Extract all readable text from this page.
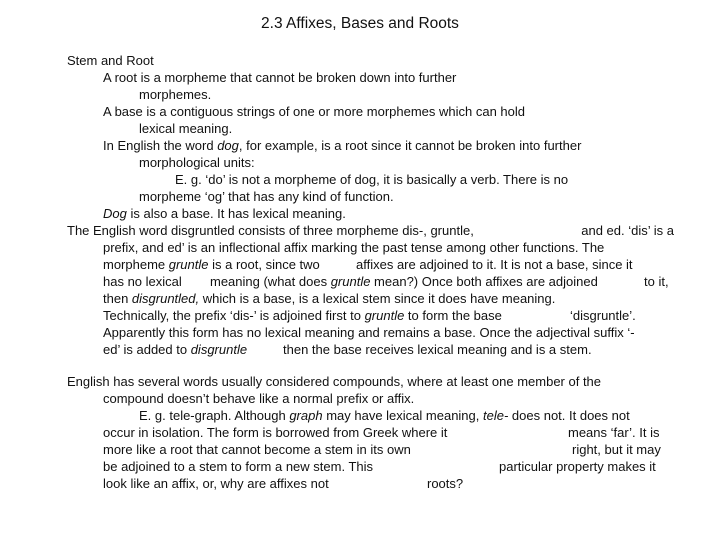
2.3 Affixes, Bases and Roots
Stem and Root
A root is a morpheme that cannot be broken down into further
morphemes.
A base is a contiguous strings of one or more morphemes which can hold
lexical meaning.
In English the word dog, for example, is a root since it cannot be broken into further
morphological units:
E. g. ‘do’ is not a morpheme of dog, it is basically a verb. There is no
morpheme ‘og’ that has any kind of function.
Dog is also a base. It has lexical meaning.
The English word disgruntled consists of three morpheme dis-, gruntle,	and ed. ‘dis’ is a
prefix, and ed’ is an inflectional affix marking the past tense among other functions. The
morpheme gruntle is a root, since two	affixes are adjoined to it. It is not a base, since it
has no lexical meaning (what does gruntle mean?) Once both affixes are adjoined	to it,
then disgruntled, which is a base, is a lexical stem since it does have meaning.
Technically, the prefix ‘dis-’ is adjoined first to gruntle to form the base	‘disgruntle’.
Apparently this form has no lexical meaning and remains a base. Once the adjectival suffix ‘-
ed’ is added to disgruntle	then the base receives lexical meaning and is a stem.
English has several words usually considered compounds, where at least one member of the
compound doesn’t behave like a normal prefix or affix.
E. g. tele-graph. Although graph may have lexical meaning, tele- does not. It does not
occur in isolation. The form is borrowed from Greek where it	means ‘far’. It is
more like a root that cannot become a stem in its own	right, but it may
be adjoined to a stem to form a new stem. This	particular property makes it
look like an affix, or, why are affixes not	roots?
